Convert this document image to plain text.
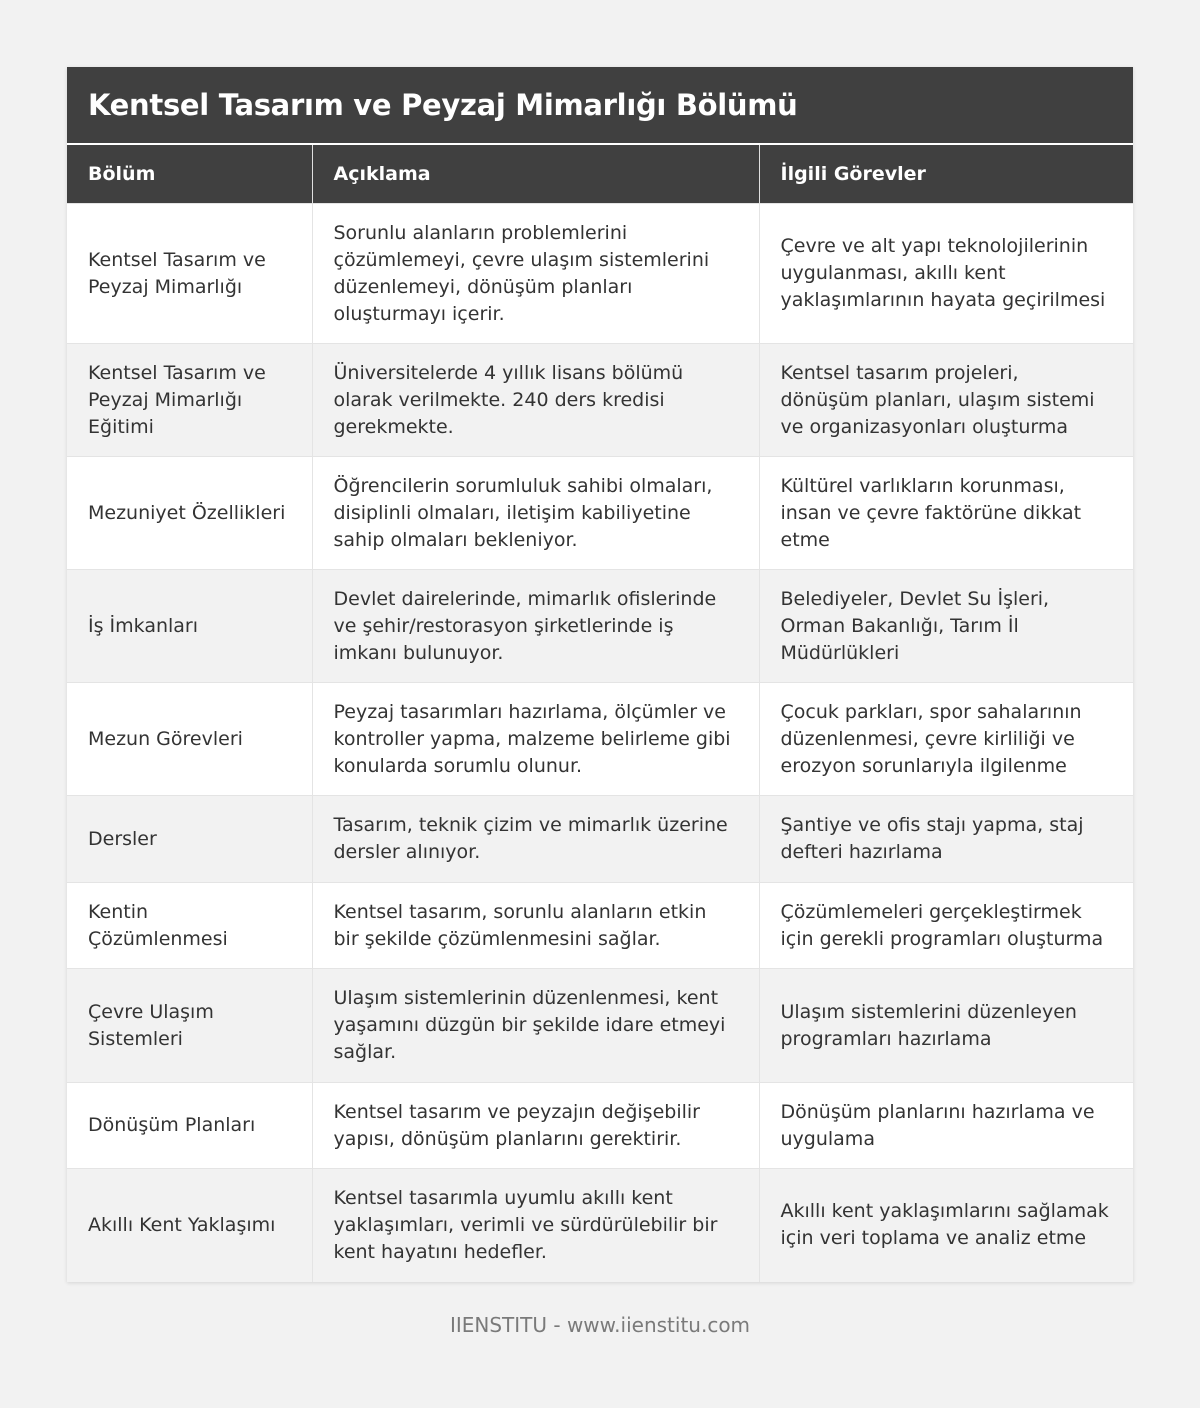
Kentsel Tasarım ve Peyzaj Mimarlığı Bölümü
Bölüm	Açıklama	İlgili Görevler
Kentsel Tasarım ve Peyzaj Mimarlığı	Sorunlu alanların problemlerini çözümlemeyi, çevre ulaşım sistemlerini düzenlemeyi, dönüşüm planları oluşturmayı içerir.	Çevre ve alt yapı teknolojilerinin uygulanması, akıllı kent yaklaşımlarının hayata geçirilmesi
Kentsel Tasarım ve Peyzaj Mimarlığı Eğitimi	Üniversitelerde 4 yıllık lisans bölümü olarak verilmekte. 240 ders kredisi gerekmekte.	Kentsel tasarım projeleri, dönüşüm planları, ulaşım sistemi ve organizasyonları oluşturma
Mezuniyet Özellikleri	Öğrencilerin sorumluluk sahibi olmaları, disiplinli olmaları, iletişim kabiliyetine sahip olmaları bekleniyor.	Kültürel varlıkların korunması, insan ve çevre faktörüne dikkat etme
İş İmkanları	Devlet dairelerinde, mimarlık ofislerinde ve şehir/restorasyon şirketlerinde iş imkanı bulunuyor.	Belediyeler, Devlet Su İşleri, Orman Bakanlığı, Tarım İl Müdürlükleri
Mezun Görevleri	Peyzaj tasarımları hazırlama, ölçümler ve kontroller yapma, malzeme belirleme gibi konularda sorumlu olunur.	Çocuk parkları, spor sahalarının düzenlenmesi, çevre kirliliği ve erozyon sorunlarıyla ilgilenme
Dersler	Tasarım, teknik çizim ve mimarlık üzerine dersler alınıyor.	Şantiye ve ofis stajı yapma, staj defteri hazırlama
Kentin Çözümlenmesi	Kentsel tasarım, sorunlu alanların etkin bir şekilde çözümlenmesini sağlar.	Çözümlemeleri gerçekleştirmek için gerekli programları oluşturma
Çevre Ulaşım Sistemleri	Ulaşım sistemlerinin düzenlenmesi, kent yaşamını düzgün bir şekilde idare etmeyi sağlar.	Ulaşım sistemlerini düzenleyen programları hazırlama
Dönüşüm Planları	Kentsel tasarım ve peyzajın değişebilir yapısı, dönüşüm planlarını gerektirir.	Dönüşüm planlarını hazırlama ve uygulama
Akıllı Kent Yaklaşımı	Kentsel tasarımla uyumlu akıllı kent yaklaşımları, verimli ve sürdürülebilir bir kent hayatını hedefler.	Akıllı kent yaklaşımlarını sağlamak için veri toplama ve analiz etme
IIENSTITU - www.iienstitu.com
